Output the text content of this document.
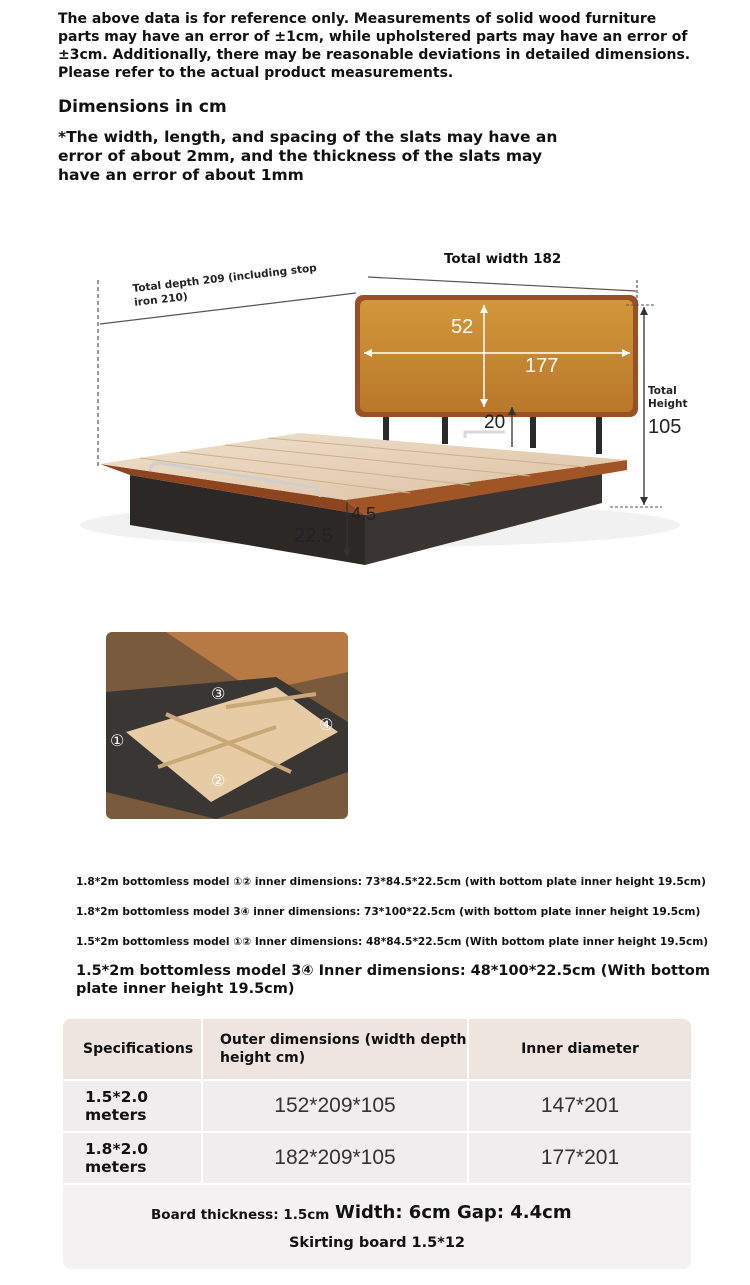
The above data is for reference only. Measurements of solid wood furniture parts may have an error of ±1cm, while upholstered parts may have an error of ±3cm. Additionally, there may be reasonable deviations in detailed dimensions. Please refer to the actual product measurements.

Dimensions in cm

*The width, length, and spacing of the slats may have an error of about 2mm, and the thickness of the slats may have an error of about 1mm

Total width 182
Total depth 209 (including stop
iron 210)
52
177
20
Total
Height
105
4.5
22.5
③
④
①
②

1.8*2m bottomless model ①② inner dimensions: 73*84.5*22.5cm (with bottom plate inner height 19.5cm)

1.8*2m bottomless model 3④ inner dimensions: 73*100*22.5cm (with bottom plate inner height 19.5cm)

1.5*2m bottomless model ①② Inner dimensions: 48*84.5*22.5cm (With bottom plate inner height 19.5cm)

1.5*2m bottomless model 3④ Inner dimensions: 48*100*22.5cm (With bottom plate inner height 19.5cm)

Specifications
Outer dimensions (width depth height cm)
Inner diameter
1.5*2.0 meters	152*209*105	147*201
1.8*2.0 meters	182*209*105	177*201
Board thickness: 1.5cm Width: 6cm Gap: 4.4cm
Skirting board 1.5*12
